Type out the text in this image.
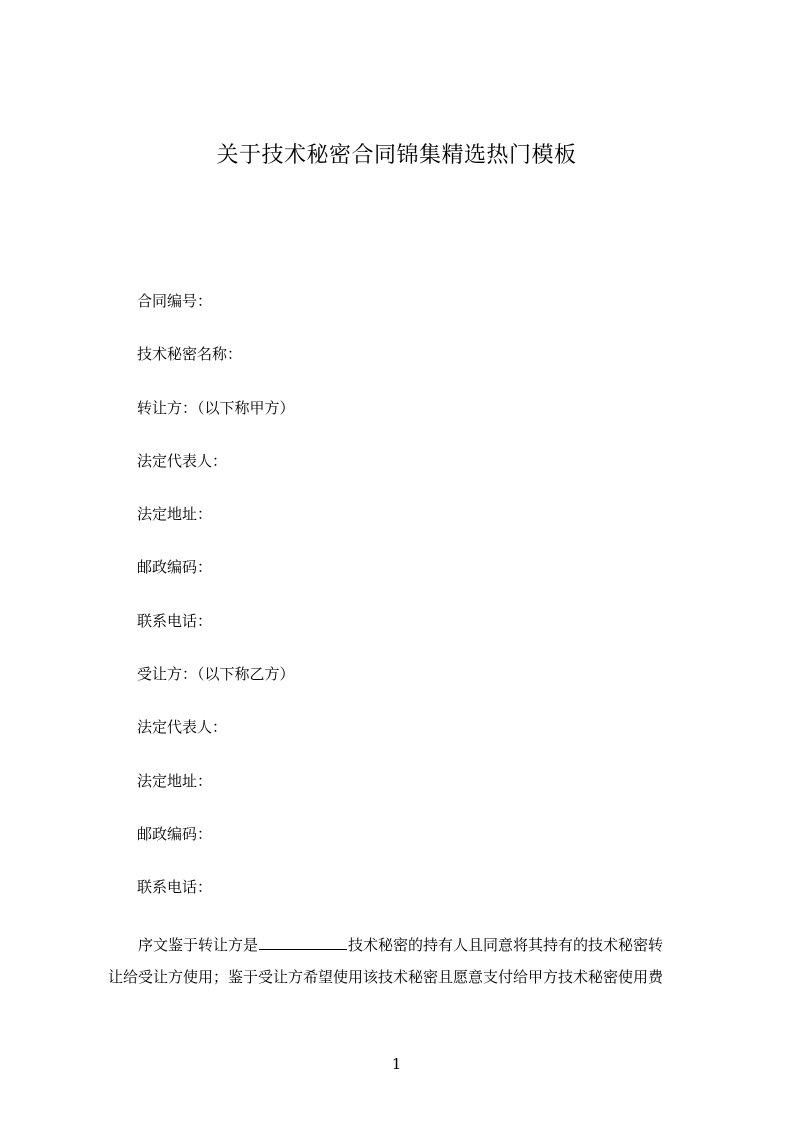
关于技术秘密合同锦集精选热门模板
合同编号：
技术秘密名称：
转让方：（以下称甲方）
法定代表人：
法定地址：
邮政编码：
联系电话：
受让方：（以下称乙方）
法定代表人：
法定地址：
邮政编码：
联系电话：
序文鉴于转让方是	技术秘密的持有人且同意将其持有的技术秘密转
让给受让方使用；鉴于受让方希望使用该技术秘密且愿意支付给甲方技术秘密使用费
1
